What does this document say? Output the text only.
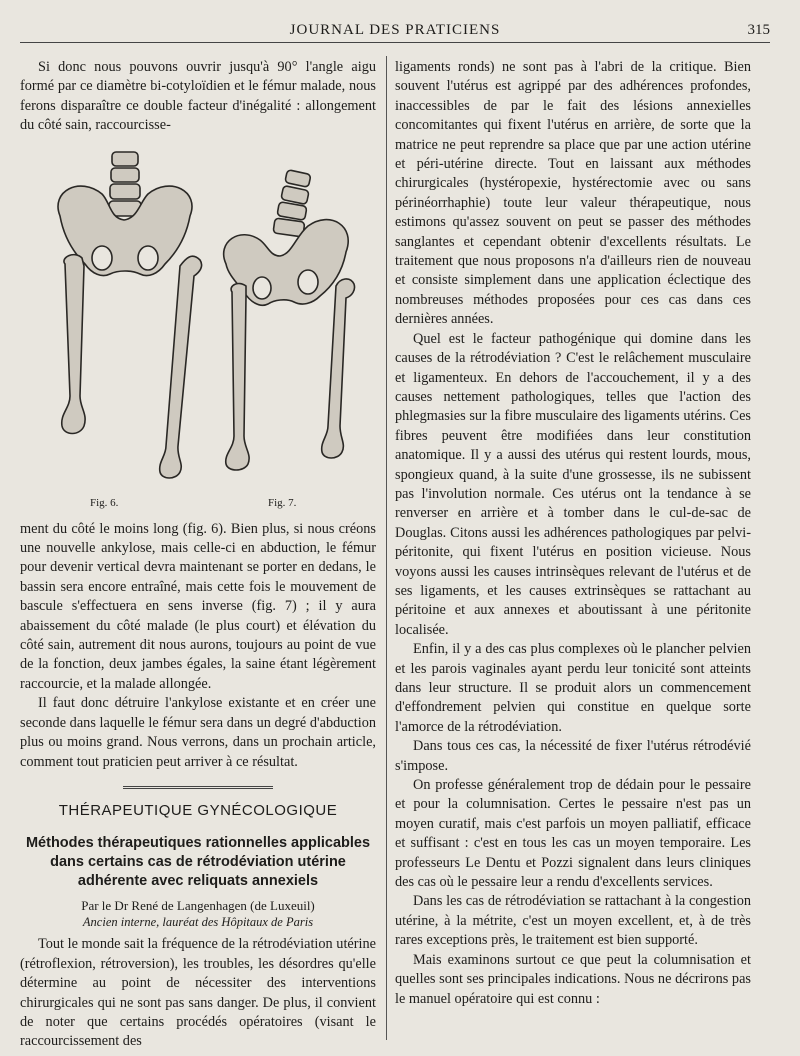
JOURNAL DES PRATICIENS	315

Si donc nous pouvons ouvrir jusqu'à 90° l'angle aigu formé par ce diamètre bi-cotyloïdien et le fémur malade, nous ferons disparaître ce double facteur d'inégalité : allongement du côté sain, raccourcisse-

Fig. 6.	Fig. 7.

ment du côté le moins long (fig. 6). Bien plus, si nous créons une nouvelle ankylose, mais celle-ci en abduction, le fémur pour devenir vertical devra maintenant se porter en dedans, le bassin sera encore entraîné, mais cette fois le mouvement de bascule s'effectuera en sens inverse (fig. 7) ; il y aura abaissement du côté malade (le plus court) et élévation du côté sain, autrement dit nous aurons, toujours au point de vue de la fonction, deux jambes égales, la saine étant légèrement raccourcie, et la malade allongée.

Il faut donc détruire l'ankylose existante et en créer une seconde dans laquelle le fémur sera dans un degré d'abduction plus ou moins grand. Nous verrons, dans un prochain article, comment tout praticien peut arriver à ce résultat.

THÉRAPEUTIQUE GYNÉCOLOGIQUE
Méthodes thérapeutiques rationnelles applicables dans certains cas de rétrodéviation utérine adhérente avec reliquats annexiels
Par le Dr René de Langenhagen (de Luxeuil)
Ancien interne, lauréat des Hôpitaux de Paris

Tout le monde sait la fréquence de la rétrodéviation utérine (rétroflexion, rétroversion), les troubles, les désordres qu'elle détermine au point de nécessiter des interventions chirurgicales qui ne sont pas sans danger. De plus, il convient de noter que certains procédés opératoires (visant le raccourcissement des

ligaments ronds) ne sont pas à l'abri de la critique. Bien souvent l'utérus est agrippé par des adhérences profondes, inaccessibles de par le fait des lésions annexielles concomitantes qui fixent l'utérus en arrière, de sorte que la matrice ne peut reprendre sa place que par une action utérine et péri-utérine directe. Tout en laissant aux méthodes chirurgicales (hystéropexie, hystérectomie avec ou sans périnéorrhaphie) toute leur valeur thérapeutique, nous estimons qu'assez souvent on peut se passer des méthodes sanglantes et cependant obtenir d'excellents résultats. Le traitement que nous proposons n'a d'ailleurs rien de nouveau et consiste simplement dans une application éclectique des nombreuses méthodes proposées pour ces cas dans ces dernières années.

Quel est le facteur pathogénique qui domine dans les causes de la rétrodéviation ? C'est le relâchement musculaire et ligamenteux. En dehors de l'accouchement, il y a des causes nettement pathologiques, telles que l'action des phlegmasies sur la fibre musculaire des ligaments utérins. Ces fibres peuvent être modifiées dans leur constitution anatomique. Il y a aussi des utérus qui restent lourds, mous, spongieux quand, à la suite d'une grossesse, ils ne subissent pas l'involution normale. Ces utérus ont la tendance à se renverser en arrière et à tomber dans le cul-de-sac de Douglas. Citons aussi les adhérences pathologiques par pelvi-péritonite, qui fixent l'utérus en position vicieuse. Nous voyons aussi les causes intrinsèques relevant de l'utérus et de ses ligaments, et les causes extrinsèques se rattachant au péritoine et aux annexes et aboutissant à une péritonite localisée.

Enfin, il y a des cas plus complexes où le plancher pelvien et les parois vaginales ayant perdu leur tonicité sont atteints dans leur structure. Il se produit alors un commencement d'effondrement pelvien qui constitue en quelque sorte l'amorce de la rétrodéviation.

Dans tous ces cas, la nécessité de fixer l'utérus rétrodévié s'impose.

On professe généralement trop de dédain pour le pessaire et pour la columnisation. Certes le pessaire n'est pas un moyen curatif, mais c'est parfois un moyen palliatif, efficace et suffisant : c'est en tous les cas un moyen temporaire. Les professeurs Le Dentu et Pozzi signalent dans leurs cliniques des cas où le pessaire leur a rendu d'excellents services.

Dans les cas de rétrodéviation se rattachant à la congestion utérine, à la métrite, c'est un moyen excellent, et, à de très rares exceptions près, le traitement est bien supporté.

Mais examinons surtout ce que peut la columnisation et quelles sont ses principales indications. Nous ne décrirons pas le manuel opératoire qui est connu :
